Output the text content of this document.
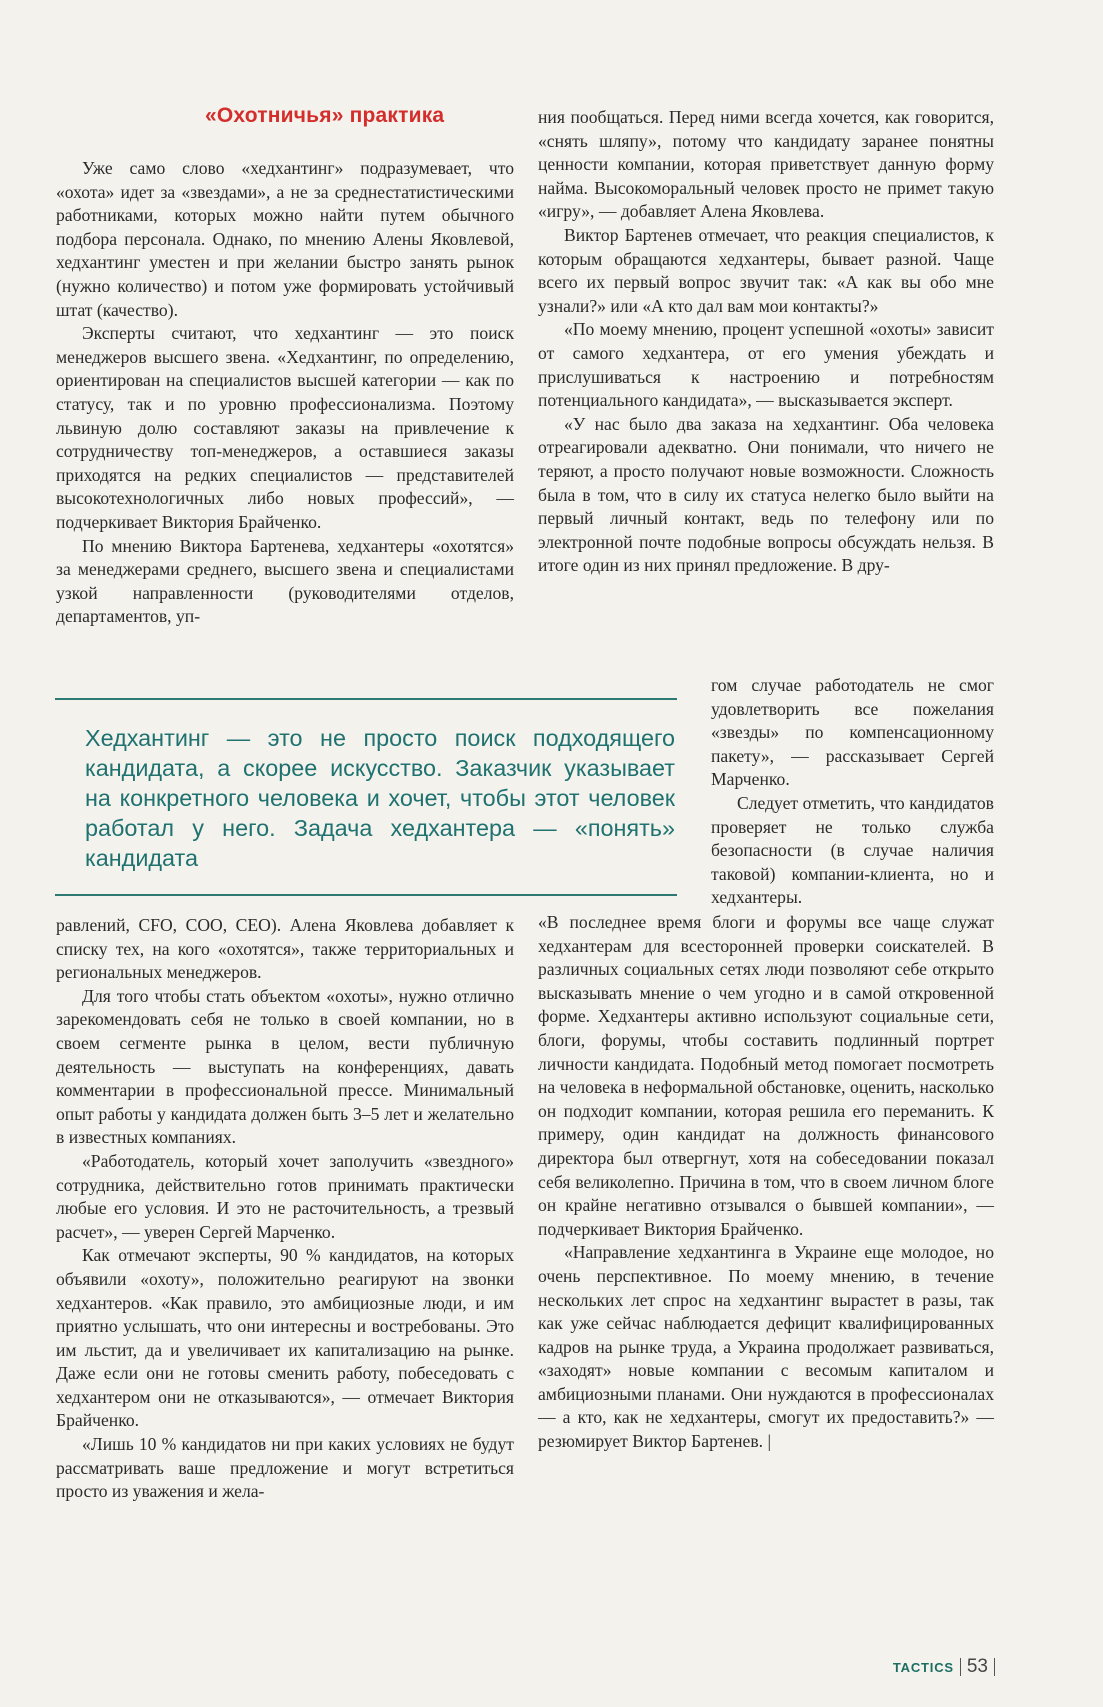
«Охотничья» практика

Уже само слово «хедхантинг» подразумевает, что «охота» идет за «звездами», а не за среднестатистическими работниками, которых можно найти путем обычного подбора персонала. Однако, по мнению Алены Яковлевой, хедхантинг уместен и при желании быстро занять рынок (нужно количество) и потом уже формировать устойчивый штат (качество).

Эксперты считают, что хедхантинг — это поиск менеджеров высшего звена. «Хедхантинг, по определению, ориентирован на специалистов высшей категории — как по статусу, так и по уровню профессионализма. Поэтому львиную долю составляют заказы на привлечение к сотрудничеству топ-менеджеров, а оставшиеся заказы приходятся на редких специалистов — представителей высокотехнологичных либо новых профессий», — подчеркивает Виктория Брайченко.

По мнению Виктора Бартенева, хедхантеры «охотятся» за менеджерами среднего, высшего звена и специалистами узкой направленности (руководителями отделов, департаментов, уп-

ния пообщаться. Перед ними всегда хочется, как говорится, «снять шляпу», потому что кандидату заранее понятны ценности компании, которая приветствует данную форму найма. Высокоморальный человек просто не примет такую «игру», — добавляет Алена Яковлева.

Виктор Бартенев отмечает, что реакция специалистов, к которым обращаются хедхантеры, бывает разной. Чаще всего их первый вопрос звучит так: «А как вы обо мне узнали?» или «А кто дал вам мои контакты?»

«По моему мнению, процент успешной «охоты» зависит от самого хедхантера, от его умения убеждать и прислушиваться к настроению и потребностям потенциального кандидата», — высказывается эксперт.

«У нас было два заказа на хедхантинг. Оба человека отреагировали адекватно. Они понимали, что ничего не теряют, а просто получают новые возможности. Сложность была в том, что в силу их статуса нелегко было выйти на первый личный контакт, ведь по телефону или по электронной почте подобные вопросы обсуждать нельзя. В итоге один из них принял предложение. В дру-

Хедхантинг — это не просто поиск подходящего кандидата, а скорее искусство. Заказчик указывает на конкретного человека и хочет, чтобы этот человек работал у него. Задача хедхантера — «понять» кандидата

гом случае работодатель не смог удовлетворить все пожелания «звезды» по компенсационному пакету», — рассказывает Сергей Марченко.

Следует отметить, что кандидатов проверяет не только служба безопасности (в случае наличия таковой) компании-клиента, но и хедхантеры.

равлений, CFO, COO, CEO). Алена Яковлева добавляет к списку тех, на кого «охотятся», также территориальных и региональных менеджеров.

Для того чтобы стать объектом «охоты», нужно отлично зарекомендовать себя не только в своей компании, но в своем сегменте рынка в целом, вести публичную деятельность — выступать на конференциях, давать комментарии в профессиональной прессе. Минимальный опыт работы у кандидата должен быть 3–5 лет и желательно в известных компаниях.

«Работодатель, который хочет заполучить «звездного» сотрудника, действительно готов принимать практически любые его условия. И это не расточительность, а трезвый расчет», — уверен Сергей Марченко.

Как отмечают эксперты, 90 % кандидатов, на которых объявили «охоту», положительно реагируют на звонки хедхантеров. «Как правило, это амбициозные люди, и им приятно услышать, что они интересны и востребованы. Это им льстит, да и увеличивает их капитализацию на рынке. Даже если они не готовы сменить работу, побеседовать с хедхантером они не отказываются», — отмечает Виктория Брайченко.

«Лишь 10 % кандидатов ни при каких условиях не будут рассматривать ваше предложение и могут встретиться просто из уважения и жела-

«В последнее время блоги и форумы все чаще служат хедхантерам для всесторонней проверки соискателей. В различных социальных сетях люди позволяют себе открыто высказывать мнение о чем угодно и в самой откровенной форме. Хедхантеры активно используют социальные сети, блоги, форумы, чтобы составить подлинный портрет личности кандидата. Подобный метод помогает посмотреть на человека в неформальной обстановке, оценить, насколько он подходит компании, которая решила его переманить. К примеру, один кандидат на должность финансового директора был отвергнут, хотя на собеседовании показал себя великолепно. Причина в том, что в своем личном блоге он крайне негативно отзывался о бывшей компании», — подчеркивает Виктория Брайченко.

«Направление хедхантинга в Украине еще молодое, но очень перспективное. По моему мнению, в течение нескольких лет спрос на хедхантинг вырастет в разы, так как уже сейчас наблюдается дефицит квалифицированных кадров на рынке труда, а Украина продолжает развиваться, «заходят» новые компании с весомым капиталом и амбициозными планами. Они нуждаются в профессионалах — а кто, как не хедхантеры, смогут их предоставить?» — резюмирует Виктор Бартенев. |

TACTICS 53
